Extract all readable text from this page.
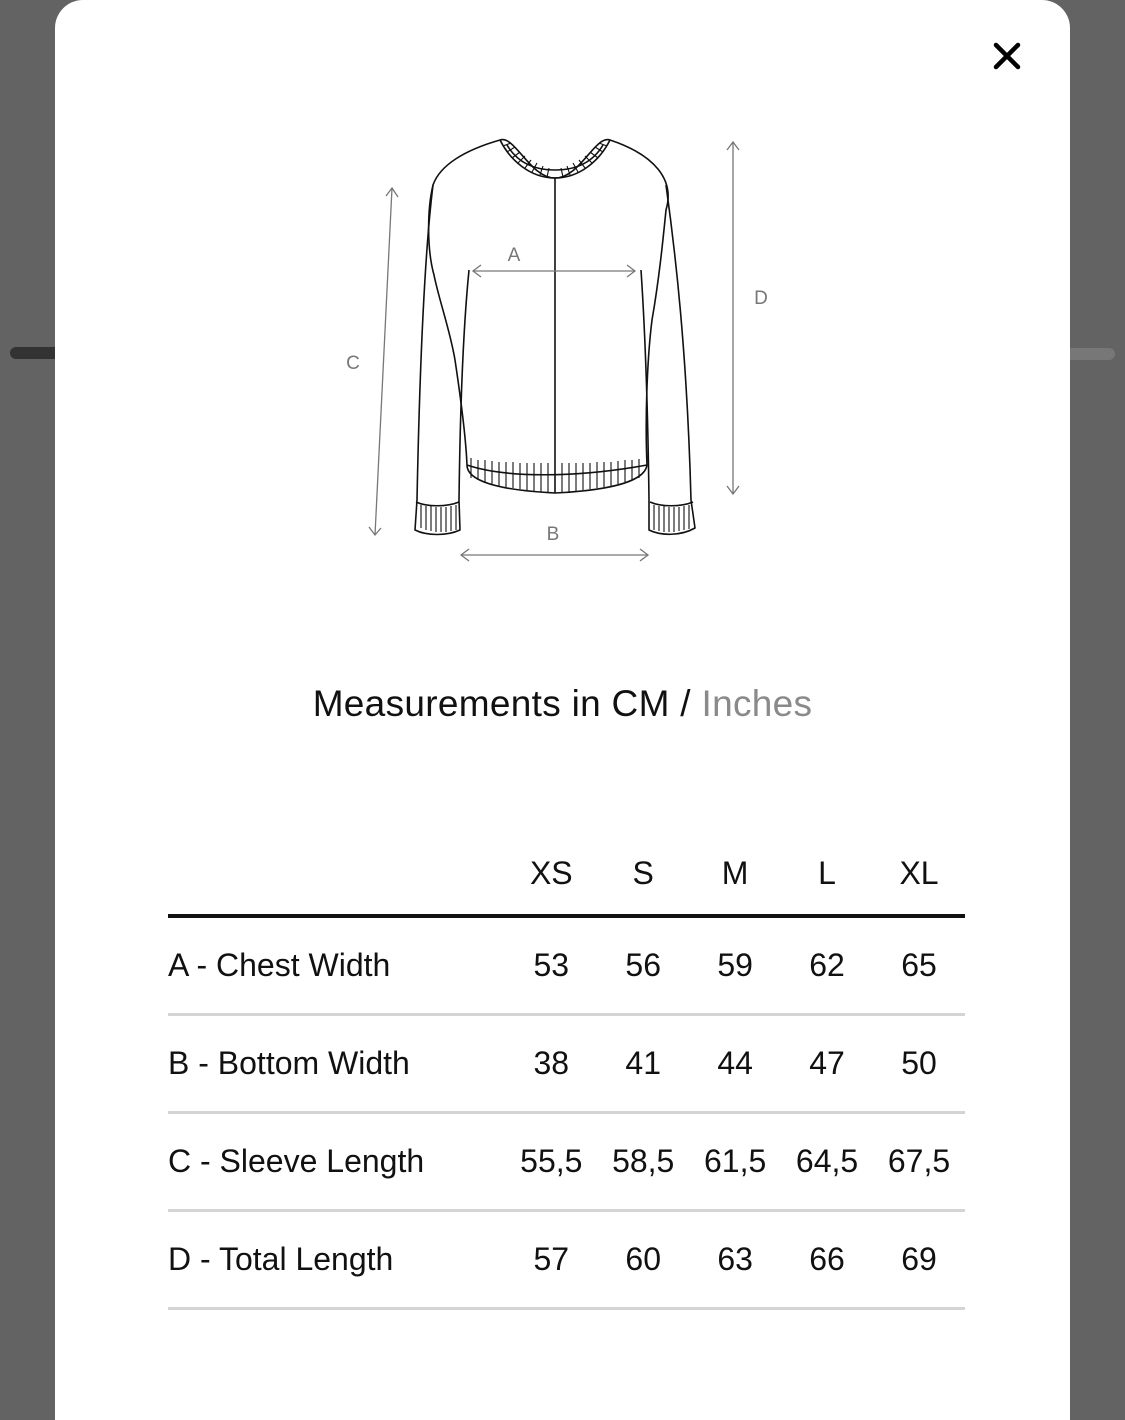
A
B
C
D
Measurements in CM / Inches
	XS	S	M	L	XL
A - Chest Width	53	56	59	62	65
B - Bottom Width	38	41	44	47	50
C - Sleeve Length	55,5	58,5	61,5	64,5	67,5
D - Total Length	57	60	63	66	69
